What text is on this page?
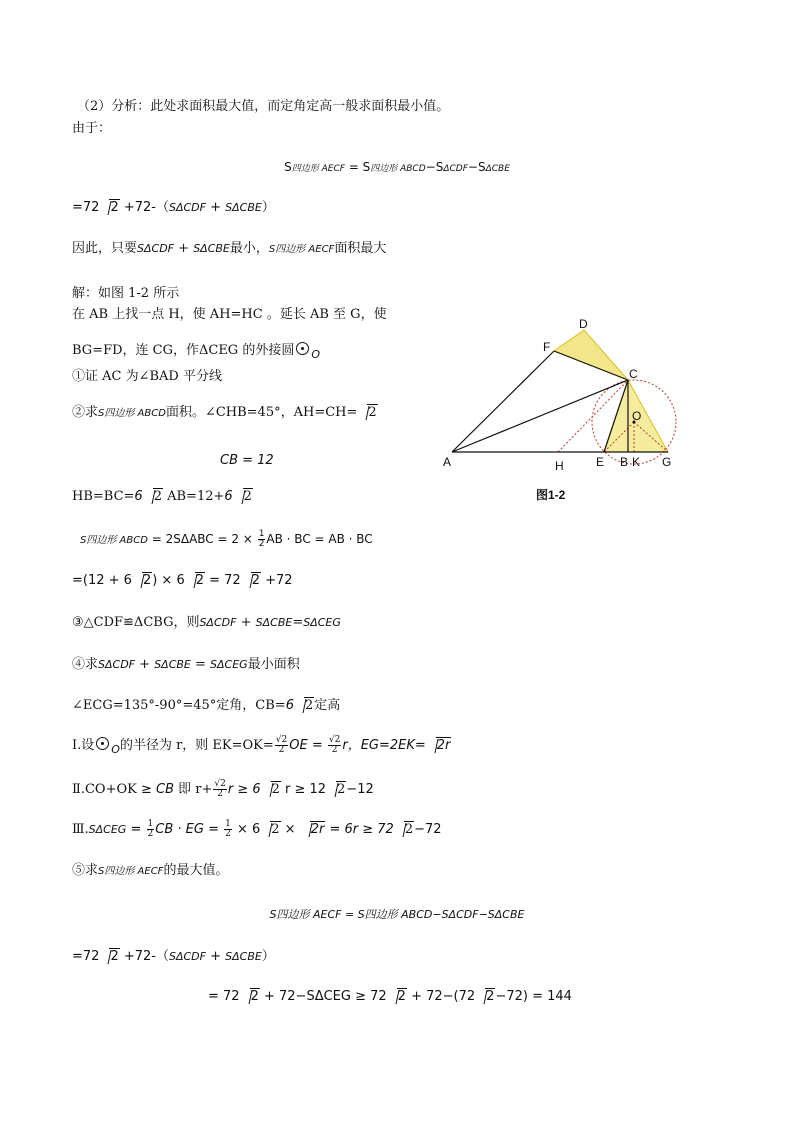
（2）分析：此处求面积最大值，而定角定高一般求面积最小值。
由于：
S四边形 AECF = S四边形 ABCD−SΔCDF−SΔCBE
=72 2 +72-（SΔCDF + SΔCBE）
因此，只要SΔCDF + SΔCBE最小，S四边形 AECF面积最大
解：如图 1-2 所示
在 AB 上找一点 H，使 AH=HC 。延长 AB 至 G，使
BG=FD，连 CG，作ΔCEG 的外接圆 $_O$
①证 AC 为∠BAD 平分线
②求S四边形 ABCD面积。∠CHB=45°，AH=CH= 2
CB = 12
HB=BC=6 2 AB=12+6 2
S四边形 ABCD = $2S\Delta ABC = 2 \times \frac{1}{2}$ AB · BC = AB · BC
=(12 + 6 2) × 6 2 = 72 2 +72
③△CDF≌ΔCBG，则SΔCDF + SΔCBE=SΔCEG
④求SΔCDF + SΔCBE = SΔCEG最小面积
∠ECG=135°-90°=45°定角，CB=6 2定高
Ⅰ.设 $_O$的半径为 r，则 $EK=OK= \frac{√2}{2}$ OE = $\frac{√2}{2}$ r，EG=2EK= 2r
Ⅱ.CO+OK ≥ CB 即 $r+ \frac{√2}{2}$ r ≥ 6 2 r ≥ 12 2−12
Ⅲ.SΔCEG = $\frac{1}{2}$ CB · EG = $\frac{1}{2} \times 6$ 2 × 2r = 6r ≥ 72 2−72
⑤求S四边形 AECF的最大值。
S四边形 AECF = S四边形 ABCD−SΔCDF−SΔCBE
=72 2 +72-（SΔCDF + SΔCBE）
= 72 2 + 72−SΔCEG ≥ 72 2 + 72−(72 2−72) = 144
A	B
C
D
E
F
G
H	K
O
图1-2
